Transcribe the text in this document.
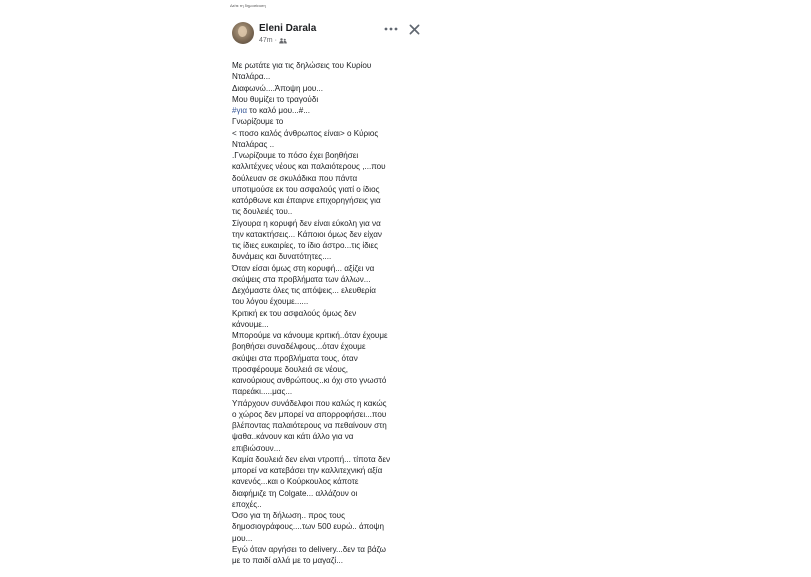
Δείτε τη δημοσίευση
Eleni Darala
47m ·
Με ρωτάτε για τις δηλώσεις του Κυρίου
Νταλάρα...
Διαφωνώ....Άποψη μου...
Μου θυμίζει το τραγούδι
#για το καλό μου...#...
Γνωρίζουμε το
< ποσο καλός άνθρωπος είναι> ο Κύριος
Νταλάρας ..
.Γνωρίζουμε το πόσο έχει βοηθήσει
καλλιτέχνες νέους και παλαιότερους ,...που
δούλευαν σε σκυλάδικα που πάντα
υποτιμούσε εκ του ασφαλούς γιατί ο ίδιος
κατόρθωνε και έπαιρνε επιχορηγήσεις για
τις δουλειές του..
Σίγουρα η κορυφή δεν είναι εύκολη για να
την κατακτήσεις... Κάποιοι όμως δεν είχαν
τις ίδιες ευκαιρίες, το ίδιο άστρο...τις ίδιες
δυνάμεις και δυνατότητες....
Όταν είσαι όμως στη κορυφή... αξίζει να
σκύψεις στα προβλήματα των άλλων...
Δεχόμαστε όλες τις απόψεις... ελευθερία
του λόγου έχουμε......
Κριτική εκ του ασφαλούς όμως δεν
κάνουμε...
Μπορούμε να κάνουμε κριτική..όταν έχουμε
βοηθήσει συναδέλφους...όταν έχουμε
σκύψει στα προβλήματα τους, όταν
προσφέρουμε δουλειά σε νέους,
καινούριους ανθρώπους..κι όχι στο γνωστό
παρεάκι.....μας...
Υπάρχουν συνάδελφοι που καλώς η κακώς
ο χώρος δεν μπορεί να απορροφήσει...που
βλέποντας παλαιότερους να πεθαίνουν στη
ψαθα..κάνουν και κάτι άλλο για να
επιβιώσουν...
Καμία δουλειά δεν είναι ντροπή... τίποτα δεν
μπορεί να κατεβάσει την καλλιτεχνική αξία
κανενός...και ο Κούρκουλος κάποτε
διαφήμιζε τη Colgate... αλλάζουν οι
εποχές..
Όσο για τη δήλωση.. προς τους
δημοσιογράφους....των 500 ευρώ.. άποψη
μου...
Εγώ όταν αργήσει το delivery...δεν τα βάζω
με το παιδί αλλά με το μαγαζί...
